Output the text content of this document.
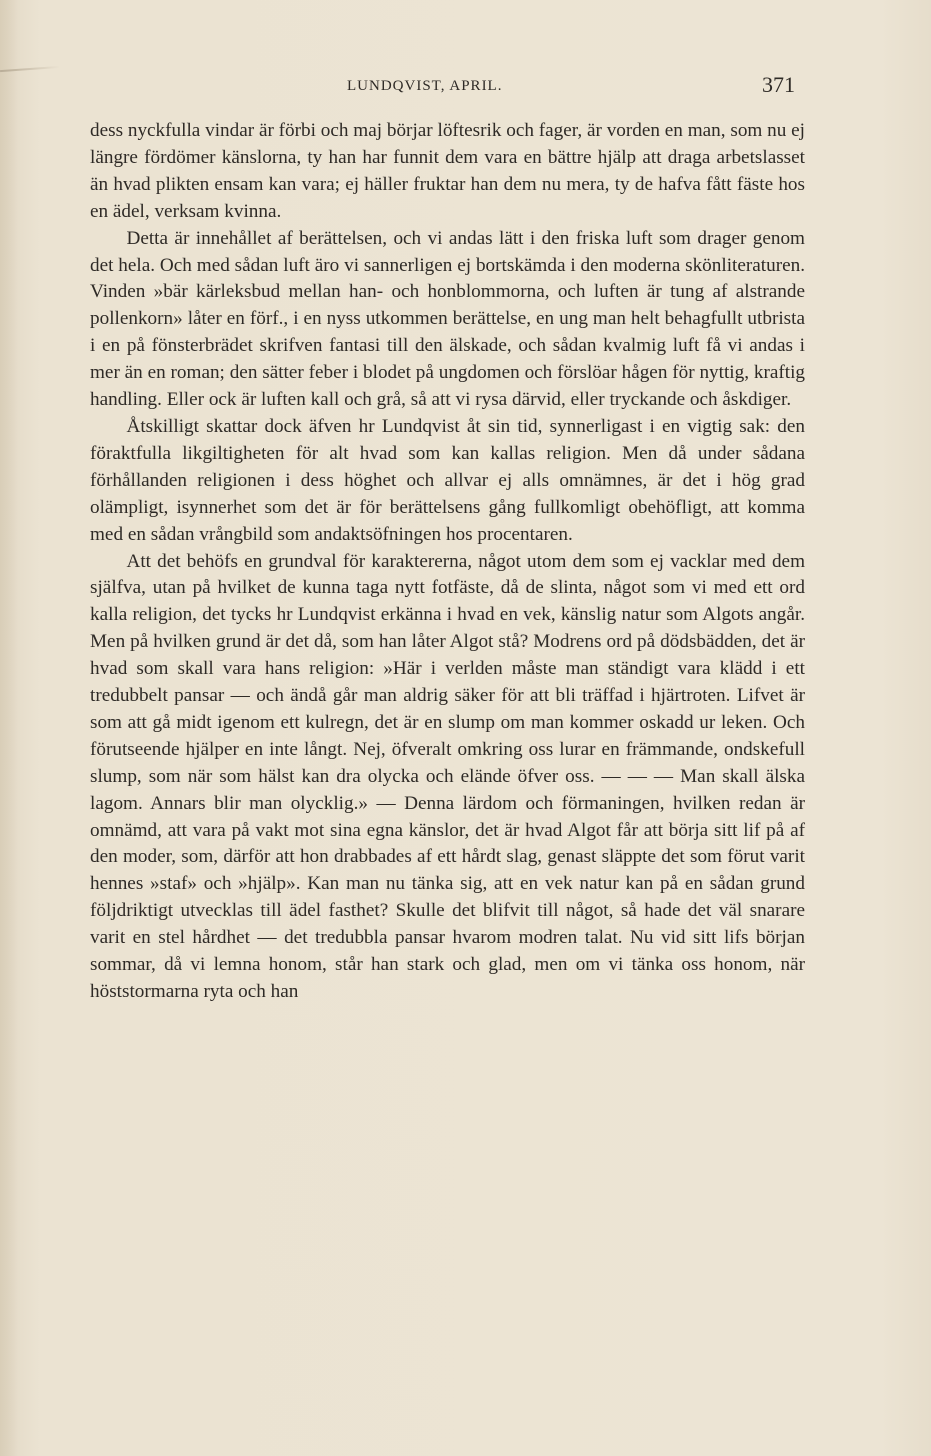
LUNDQVIST, APRIL.	371

dess nyckfulla vindar är förbi och maj börjar löftesrik och fager, är vorden en man, som nu ej längre fördömer känslorna, ty han har funnit dem vara en bättre hjälp att draga arbetslasset än hvad plikten ensam kan vara; ej häller fruktar han dem nu mera, ty de hafva fått fäste hos en ädel, verksam kvinna.

Detta är innehållet af berättelsen, och vi andas lätt i den friska luft som drager genom det hela. Och med sådan luft äro vi sannerligen ej bortskämda i den moderna skönliteraturen. Vinden »bär kärleksbud mellan han- och honblommorna, och luften är tung af alstrande pollenkorn» låter en förf., i en nyss utkommen berättelse, en ung man helt behagfullt utbrista i en på fönsterbrädet skrifven fantasi till den älskade, och sådan kvalmig luft få vi andas i mer än en roman; den sätter feber i blodet på ungdomen och förslöar hågen för nyttig, kraftig handling. Eller ock är luften kall och grå, så att vi rysa därvid, eller tryckande och åskdiger.

Åtskilligt skattar dock äfven hr Lundqvist åt sin tid, synnerligast i en vigtig sak: den föraktfulla likgiltigheten för alt hvad som kan kallas religion. Men då under sådana förhållanden religionen i dess höghet och allvar ej alls omnämnes, är det i hög grad olämpligt, isynnerhet som det är för berättelsens gång fullkomligt obehöfligt, att komma med en sådan vrångbild som andaktsöfningen hos procentaren.

Att det behöfs en grundval för karaktererna, något utom dem som ej vacklar med dem själfva, utan på hvilket de kunna taga nytt fotfäste, då de slinta, något som vi med ett ord kalla religion, det tycks hr Lundqvist erkänna i hvad en vek, känslig natur som Algots angår. Men på hvilken grund är det då, som han låter Algot stå? Modrens ord på dödsbädden, det är hvad som skall vara hans religion: »Här i verlden måste man ständigt vara klädd i ett tredubbelt pansar — och ändå går man aldrig säker för att bli träffad i hjärtroten. Lifvet är som att gå midt igenom ett kulregn, det är en slump om man kommer oskadd ur leken. Och förutseende hjälper en inte långt. Nej, öfveralt omkring oss lurar en främmande, ondskefull slump, som när som hälst kan dra olycka och elände öfver oss. — — — Man skall älska lagom. Annars blir man olycklig.» — Denna lärdom och förmaningen, hvilken redan är omnämd, att vara på vakt mot sina egna känslor, det är hvad Algot får att börja sitt lif på af den moder, som, därför att hon drabbades af ett hårdt slag, genast släppte det som förut varit hennes »staf» och »hjälp». Kan man nu tänka sig, att en vek natur kan på en sådan grund följdriktigt utvecklas till ädel fasthet? Skulle det blifvit till något, så hade det väl snarare varit en stel hårdhet — det tredubbla pansar hvarom modren talat. Nu vid sitt lifs början sommar, då vi lemna honom, står han stark och glad, men om vi tänka oss honom, när höststormarna ryta och han
